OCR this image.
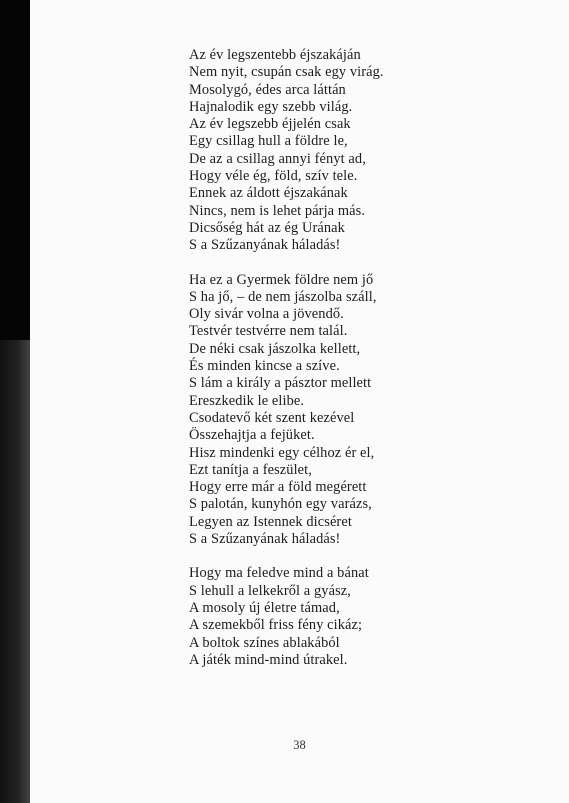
Az év legszentebb éjszakáján
Nem nyit, csupán csak egy virág.
Mosolygó, édes arca láttán
Hajnalodik egy szebb világ.
Az év legszebb éjjelén csak
Egy csillag hull a földre le,
De az a csillag annyi fényt ad,
Hogy véle ég, föld, szív tele.
Ennek az áldott éjszakának
Nincs, nem is lehet párja más.
Dicsőség hát az ég Urának
S a Szűzanyának háladás!
Ha ez a Gyermek földre nem jő
S ha jő, – de nem jászolba száll,
Oly sivár volna a jövendő.
Testvér testvérre nem talál.
De néki csak jászolka kellett,
És minden kincse a szíve.
S lám a király a pásztor mellett
Ereszkedik le elibe.
Csodatevő két szent kezével
Összehajtja a fejüket.
Hisz mindenki egy célhoz ér el,
Ezt tanítja a feszület,
Hogy erre már a föld megérett
S palotán, kunyhón egy varázs,
Legyen az Istennek dicséret
S a Szűzanyának háladás!
Hogy ma feledve mind a bánat
S lehull a lelkekről a gyász,
A mosoly új életre támad,
A szemekből friss fény cikáz;
A boltok színes ablakából
A játék mind-mind útrakel.
38
